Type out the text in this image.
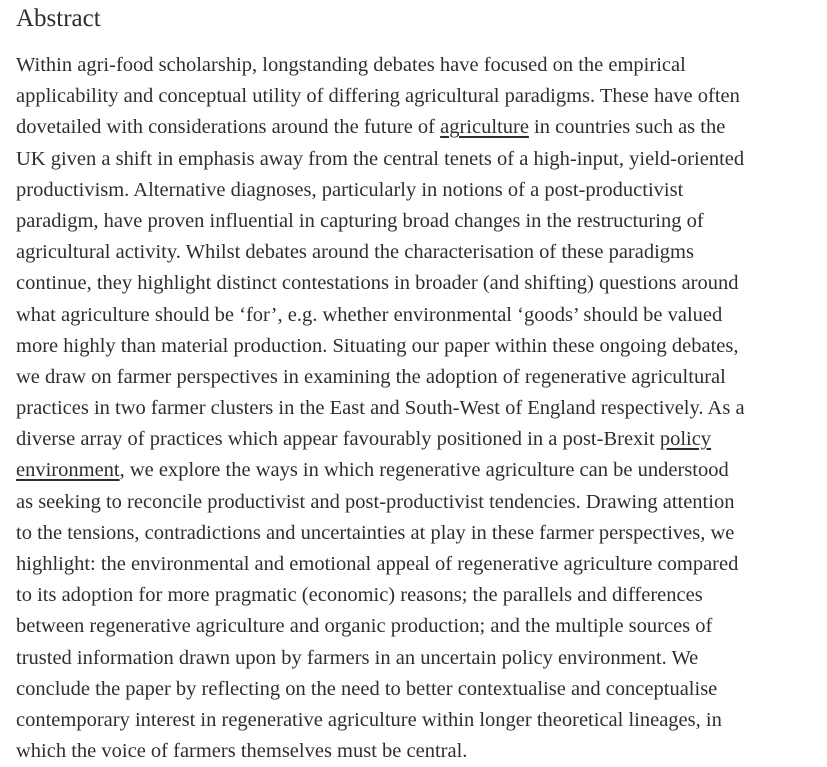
Abstract
Within agri-food scholarship, longstanding debates have focused on the empirical
applicability and conceptual utility of differing agricultural paradigms. These have often
dovetailed with considerations around the future of agriculture in countries such as the
UK given a shift in emphasis away from the central tenets of a high-input, yield-oriented
productivism. Alternative diagnoses, particularly in notions of a post-productivist
paradigm, have proven influential in capturing broad changes in the restructuring of
agricultural activity. Whilst debates around the characterisation of these paradigms
continue, they highlight distinct contestations in broader (and shifting) questions around
what agriculture should be ‘for’, e.g. whether environmental ‘goods’ should be valued
more highly than material production. Situating our paper within these ongoing debates,
we draw on farmer perspectives in examining the adoption of regenerative agricultural
practices in two farmer clusters in the East and South-West of England respectively. As a
diverse array of practices which appear favourably positioned in a post-Brexit policy
environment, we explore the ways in which regenerative agriculture can be understood
as seeking to reconcile productivist and post-productivist tendencies. Drawing attention
to the tensions, contradictions and uncertainties at play in these farmer perspectives, we
highlight: the environmental and emotional appeal of regenerative agriculture compared
to its adoption for more pragmatic (economic) reasons; the parallels and differences
between regenerative agriculture and organic production; and the multiple sources of
trusted information drawn upon by farmers in an uncertain policy environment. We
conclude the paper by reflecting on the need to better contextualise and conceptualise
contemporary interest in regenerative agriculture within longer theoretical lineages, in
which the voice of farmers themselves must be central.
